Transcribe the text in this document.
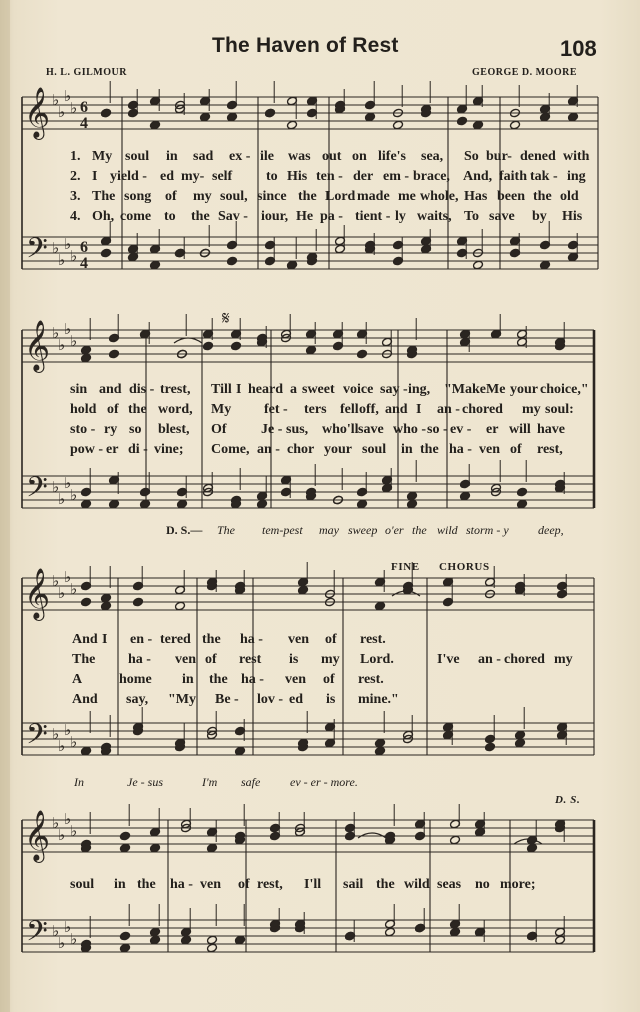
The Haven of Rest	108
H. L. GILMOUR	GEORGE D. MOORE
𝄞
𝄢
♭
♭
♭
♭
♭
♭
♭
♭
6
4
6
4
𝄞
𝄢
♭
♭
♭
♭
♭
♭
♭
♭
𝄞
𝄢
♭
♭
♭
♭
♭
♭
♭
♭
𝄞
𝄢
♭
♭
♭
♭
♭
♭
♭
♭
𝄋
1. My soul in sad ex - ile was out on life's sea, So bur- dened with
2. I yield - ed my- self to His ten - der em - brace, And, faith tak - ing
3. The song of my soul, since the Lord made me whole, Has been the old
4. Oh, come to the Sav - iour, He pa - tient - ly waits, To save by His
sin and dis - trest, Till I heard a sweet voice say - ing, "Make Me your choice,"
hold of the word, My fet - ters fell off, and I an - chored my soul:
sto - ry so blest, Of Je - sus, who'll save who - so - ev - er will have
pow - er di - vine; Come, an - chor your soul in the ha - ven of rest,
D. S.— The tem-pest may sweep o'er the wild storm - y deep,
FINE CHORUS
D. S.
And I en - tered the ha - ven of rest.
The ha - ven of rest is my Lord.	I've an - chored my
A	home in the ha - ven of rest.
And say, "My Be - lov - ed is mine."
In	Je - sus	I'm safe ev - er - more.
soul in the ha - ven of rest, I'll sail the wild seas no more;
